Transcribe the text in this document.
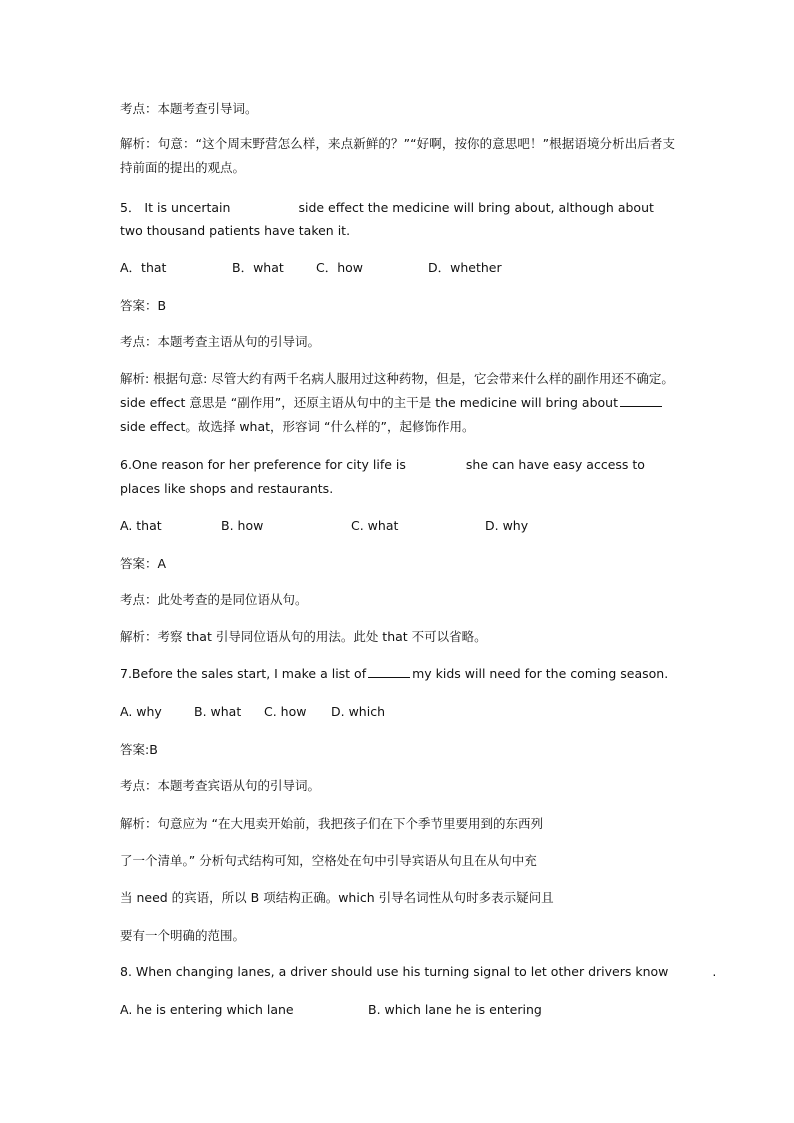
考点：本题考查引导词。
解析：句意：“这个周末野营怎么样，来点新鲜的？”“好啊，按你的意思吧！”根据语境分析出后者支持前面的提出的观点。
5． It is uncertain	side effect the medicine will bring about, although about two thousand patients have taken it.
A．that	B．what	C．how	D．whether
答案：B
考点：本题考查主语从句的引导词。
解析: 根据句意: 尽管大约有两千名病人服用过这种药物，但是，它会带来什么样的副作用还不确定。side effect 意思是 “副作用”，还原主语从句中的主干是 the medicine will bring aboutside effect。故选择 what，形容词 “什么样的”，起修饰作用。
6.One reason for her preference for city life is	she can have easy access to places like shops and restaurants.
A. that	B. how	C. what	D. why
答案：A
考点：此处考查的是同位语从句。
解析：考察 that 引导同位语从句的用法。此处 that 不可以省略。
7.Before the sales start, I make a list of	my kids will need for the coming season.
A. why	B. what C. how D. which
答案:B
考点：本题考查宾语从句的引导词。
解析：句意应为 “在大甩卖开始前，我把孩子们在下个季节里要用到的东西列
了一个清单。” 分析句式结构可知，空格处在句中引导宾语从句且在从句中充
当 need 的宾语，所以 B 项结构正确。which 引导名词性从句时多表示疑问且
要有一个明确的范围。
8. When changing lanes, a driver should use his turning signal to let other drivers know	.
A. he is entering which lane	B. which lane he is entering
